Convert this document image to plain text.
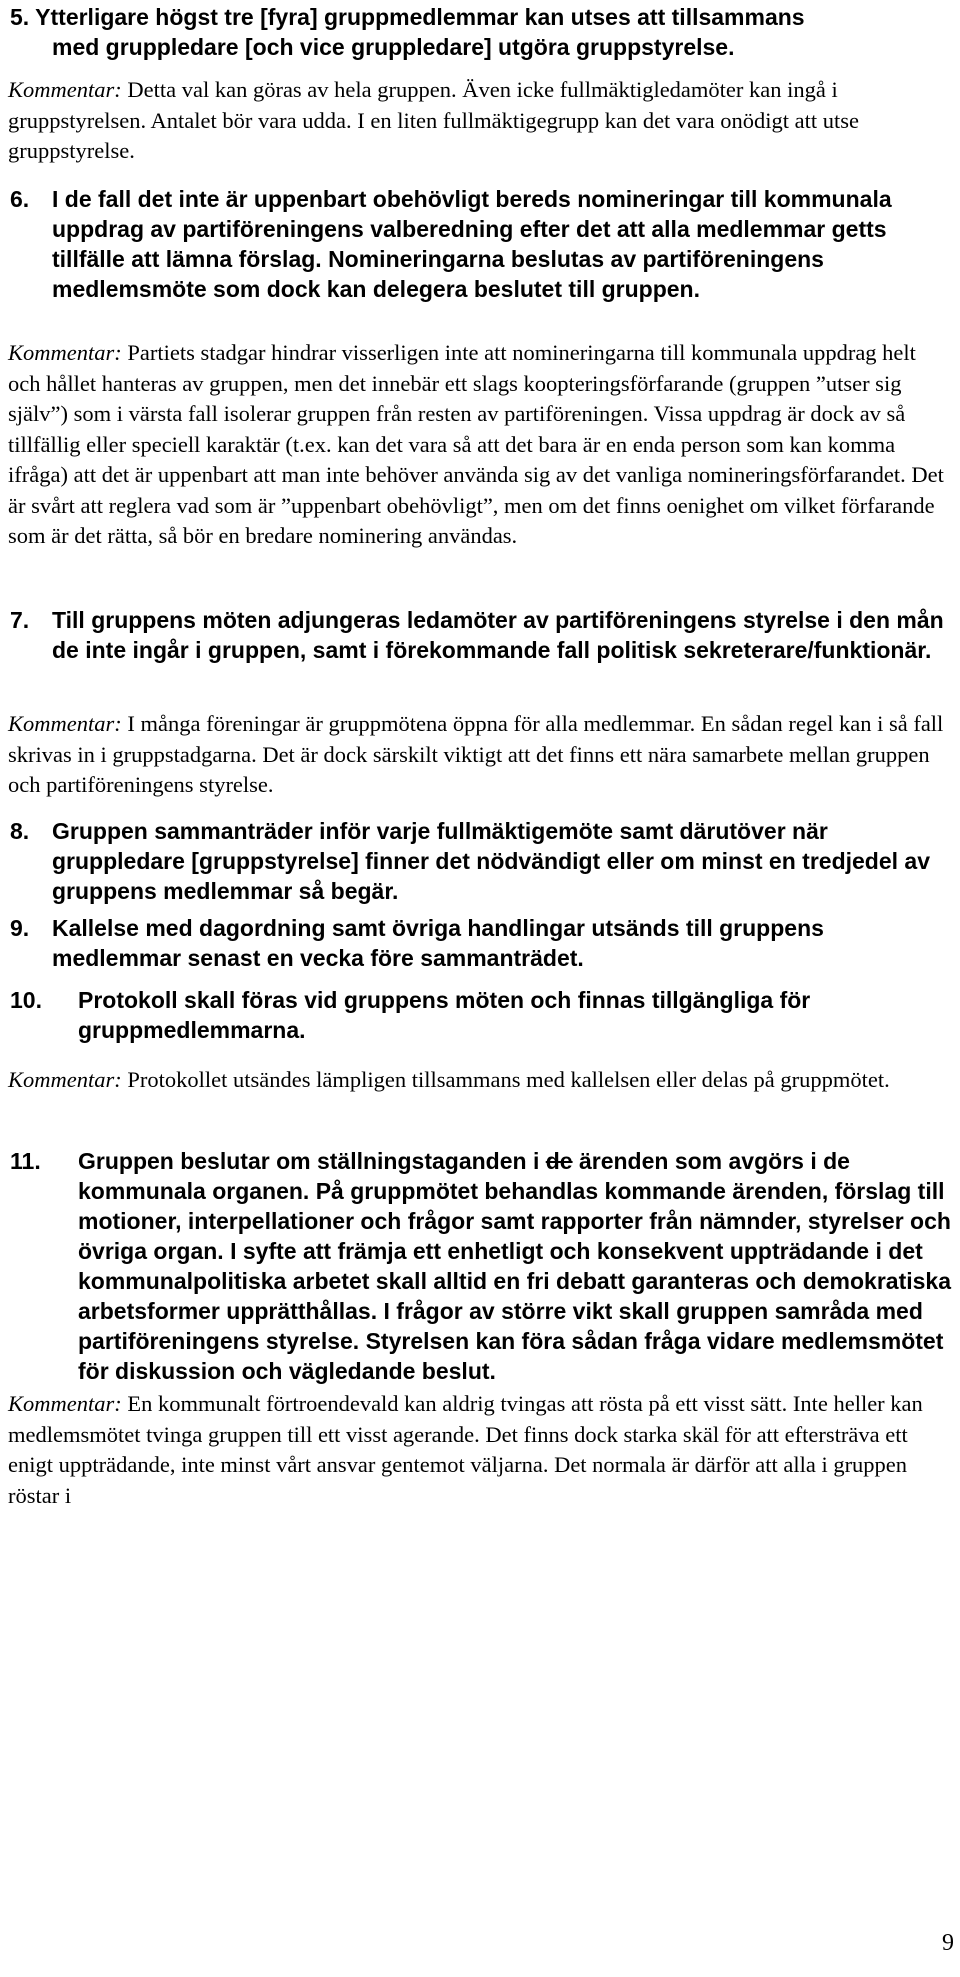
5. Ytterligare högst tre [fyra] gruppmedlemmar kan utses att tillsammans
med gruppledare [och vice gruppledare] utgöra gruppstyrelse.

Kommentar: Detta val kan göras av hela gruppen. Även icke fullmäktigledamöter kan ingå i gruppstyrelsen. Antalet bör vara udda. I en liten fullmäktigegrupp kan det vara onödigt att utse gruppstyrelse.

6. I de fall det inte är uppenbart obehövligt bereds nomineringar till kommunala uppdrag av partiföreningens valberedning efter det att alla medlemmar getts tillfälle att lämna förslag. Nomineringarna beslutas av partiföreningens medlemsmöte som dock kan delegera beslutet till gruppen.

Kommentar: Partiets stadgar hindrar visserligen inte att nomineringarna till kommunala uppdrag helt och hållet hanteras av gruppen, men det innebär ett slags koopteringsförfarande (gruppen ”utser sig själv”) som i värsta fall isolerar gruppen från resten av partiföreningen. Vissa uppdrag är dock av så tillfällig eller speciell karaktär (t.ex. kan det vara så att det bara är en enda person som kan komma ifråga) att det är uppenbart att man inte behöver använda sig av det vanliga nomineringsförfarandet. Det är svårt att reglera vad som är ”uppenbart obehövligt”, men om det finns oenighet om vilket förfarande som är det rätta, så bör en bredare nominering användas.

7. Till gruppens möten adjungeras ledamöter av partiföreningens styrelse i den mån de inte ingår i gruppen, samt i förekommande fall politisk sekreterare/funktionär.

Kommentar: I många föreningar är gruppmötena öppna för alla medlemmar. En sådan regel kan i så fall skrivas in i gruppstadgarna. Det är dock särskilt viktigt att det finns ett nära samarbete mellan gruppen och partiföreningens styrelse.

8. Gruppen sammanträder inför varje fullmäktigemöte samt därutöver när gruppledare [gruppstyrelse] finner det nödvändigt eller om minst en tredjedel av gruppens medlemmar så begär.
9. Kallelse med dagordning samt övriga handlingar utsänds till gruppens medlemmar senast en vecka före sammanträdet.
10.	Protokoll skall föras vid gruppens möten och finnas tillgängliga för gruppmedlemmarna.

Kommentar: Protokollet utsändes lämpligen tillsammans med kallelsen eller delas på gruppmötet.

11.	Gruppen beslutar om ställningstaganden i de ärenden som avgörs i de kommunala organen. På gruppmötet behandlas kommande ärenden, förslag till motioner, interpellationer och frågor samt rapporter från nämnder, styrelser och övriga organ. I syfte att främja ett enhetligt och konsekvent uppträdande i det kommunalpolitiska arbetet skall alltid en fri debatt garanteras och demokratiska arbetsformer upprätthållas. I frågor av större vikt skall gruppen samråda med partiföreningens styrelse. Styrelsen kan föra sådan fråga vidare medlemsmötet för diskussion och vägledande beslut.

Kommentar: En kommunalt förtroendevald kan aldrig tvingas att rösta på ett visst sätt. Inte heller kan medlemsmötet tvinga gruppen till ett visst agerande. Det finns dock starka skäl för att eftersträva ett enigt uppträdande, inte minst vårt ansvar gentemot väljarna. Det normala är därför att alla i gruppen röstar i

9
